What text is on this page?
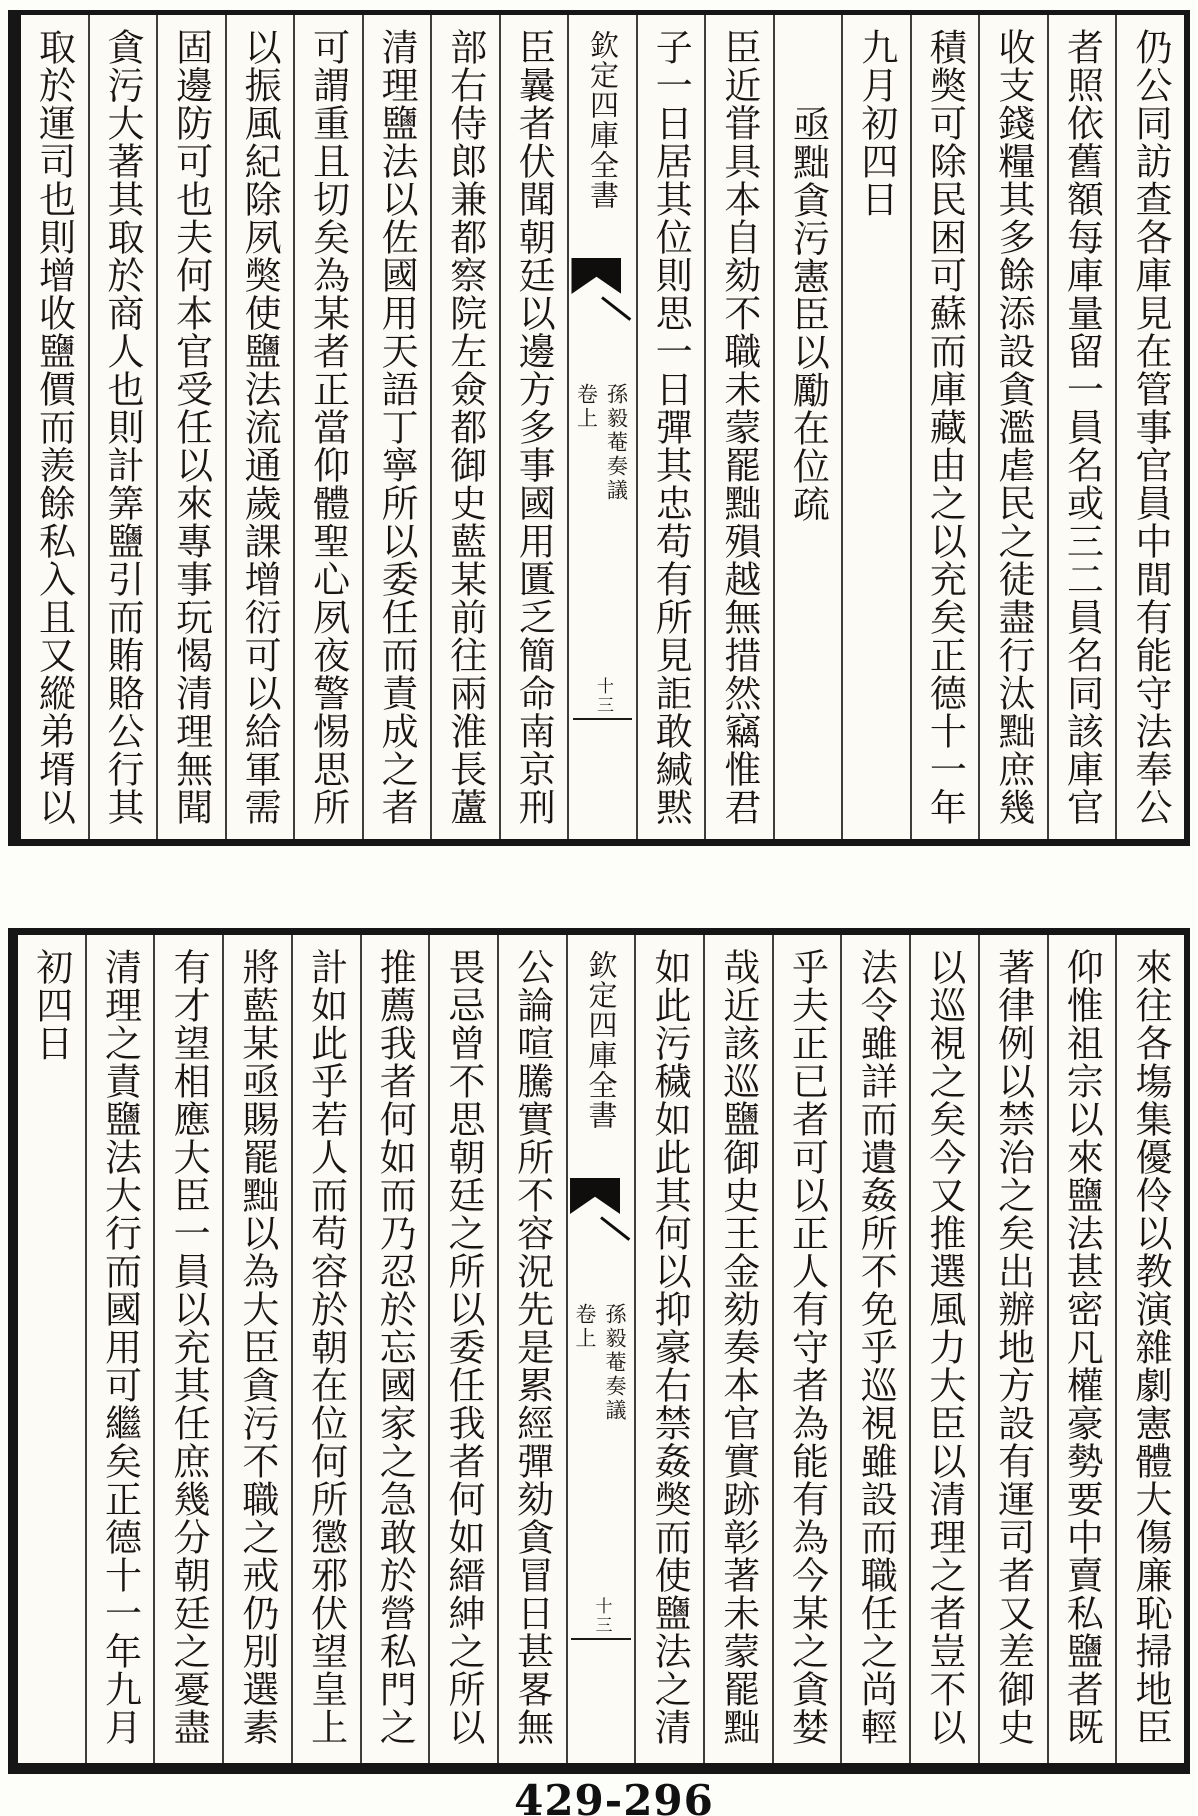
仍公同訪查各庫見在管事官員中間有能守法奉公
者照依舊額每庫量留一員名或三二員名同該庫官
收支錢糧其多餘添設貪濫虐民之徒盡行汰黜庶幾
積獘可除民困可蘇而庫藏由之以充矣正德十一年
九月初四日
亟黜貪污憲臣以勵在位疏
臣近甞具本自劾不職未蒙罷黜殞越無措然竊惟君
子一日居其位則思一日彈其忠苟有所見詎敢緘黙
欽定四庫全書
孫毅菴奏議
卷上
十三
臣曩者伏聞朝廷以邊方多事國用匱乏簡命南京刑
部右侍郎兼都察院左僉都御史藍某前往兩淮長蘆
清理鹽法以佐國用天語丁寧所以委任而責成之者
可謂重且切矣為某者正當仰體聖心夙夜警惕思所
以振風紀除夙獘使鹽法流通歲課增衍可以給軍需
固邊防可也夫何本官受任以來專事玩愒清理無聞
貪污大著其取於商人也則計筭鹽引而賄賂公行其
取於運司也則增收鹽價而羨餘私入且又縱弟壻以
來往各塲集優伶以教演雜劇憲體大傷廉恥掃地臣
仰惟祖宗以來鹽法甚密凡權豪勢要中賣私鹽者既
著律例以禁治之矣出辦地方設有運司者又差御史
以巡視之矣今又推選風力大臣以清理之者豈不以
法令雖詳而遺姦所不免乎巡視雖設而職任之尚輕
乎夫正已者可以正人有守者為能有為今某之貪婪
哉近該巡鹽御史王金劾奏本官實跡彰著未蒙罷黜
如此污穢如此其何以抑豪右禁姦獘而使鹽法之清
欽定四庫全書
孫毅菴奏議
卷上
十三
公論喧騰實所不容況先是累經彈劾貪冒日甚畧無
畏忌曾不思朝廷之所以委任我者何如縉紳之所以
推薦我者何如而乃忍於忘國家之急敢於營私門之
計如此乎若人而苟容於朝在位何所懲邪伏望皇上
將藍某亟賜罷黜以為大臣貪污不職之戒仍別選素
有才望相應大臣一員以充其任庶幾分朝廷之憂盡
清理之責鹽法大行而國用可繼矣正德十一年九月
初四日
429-296
